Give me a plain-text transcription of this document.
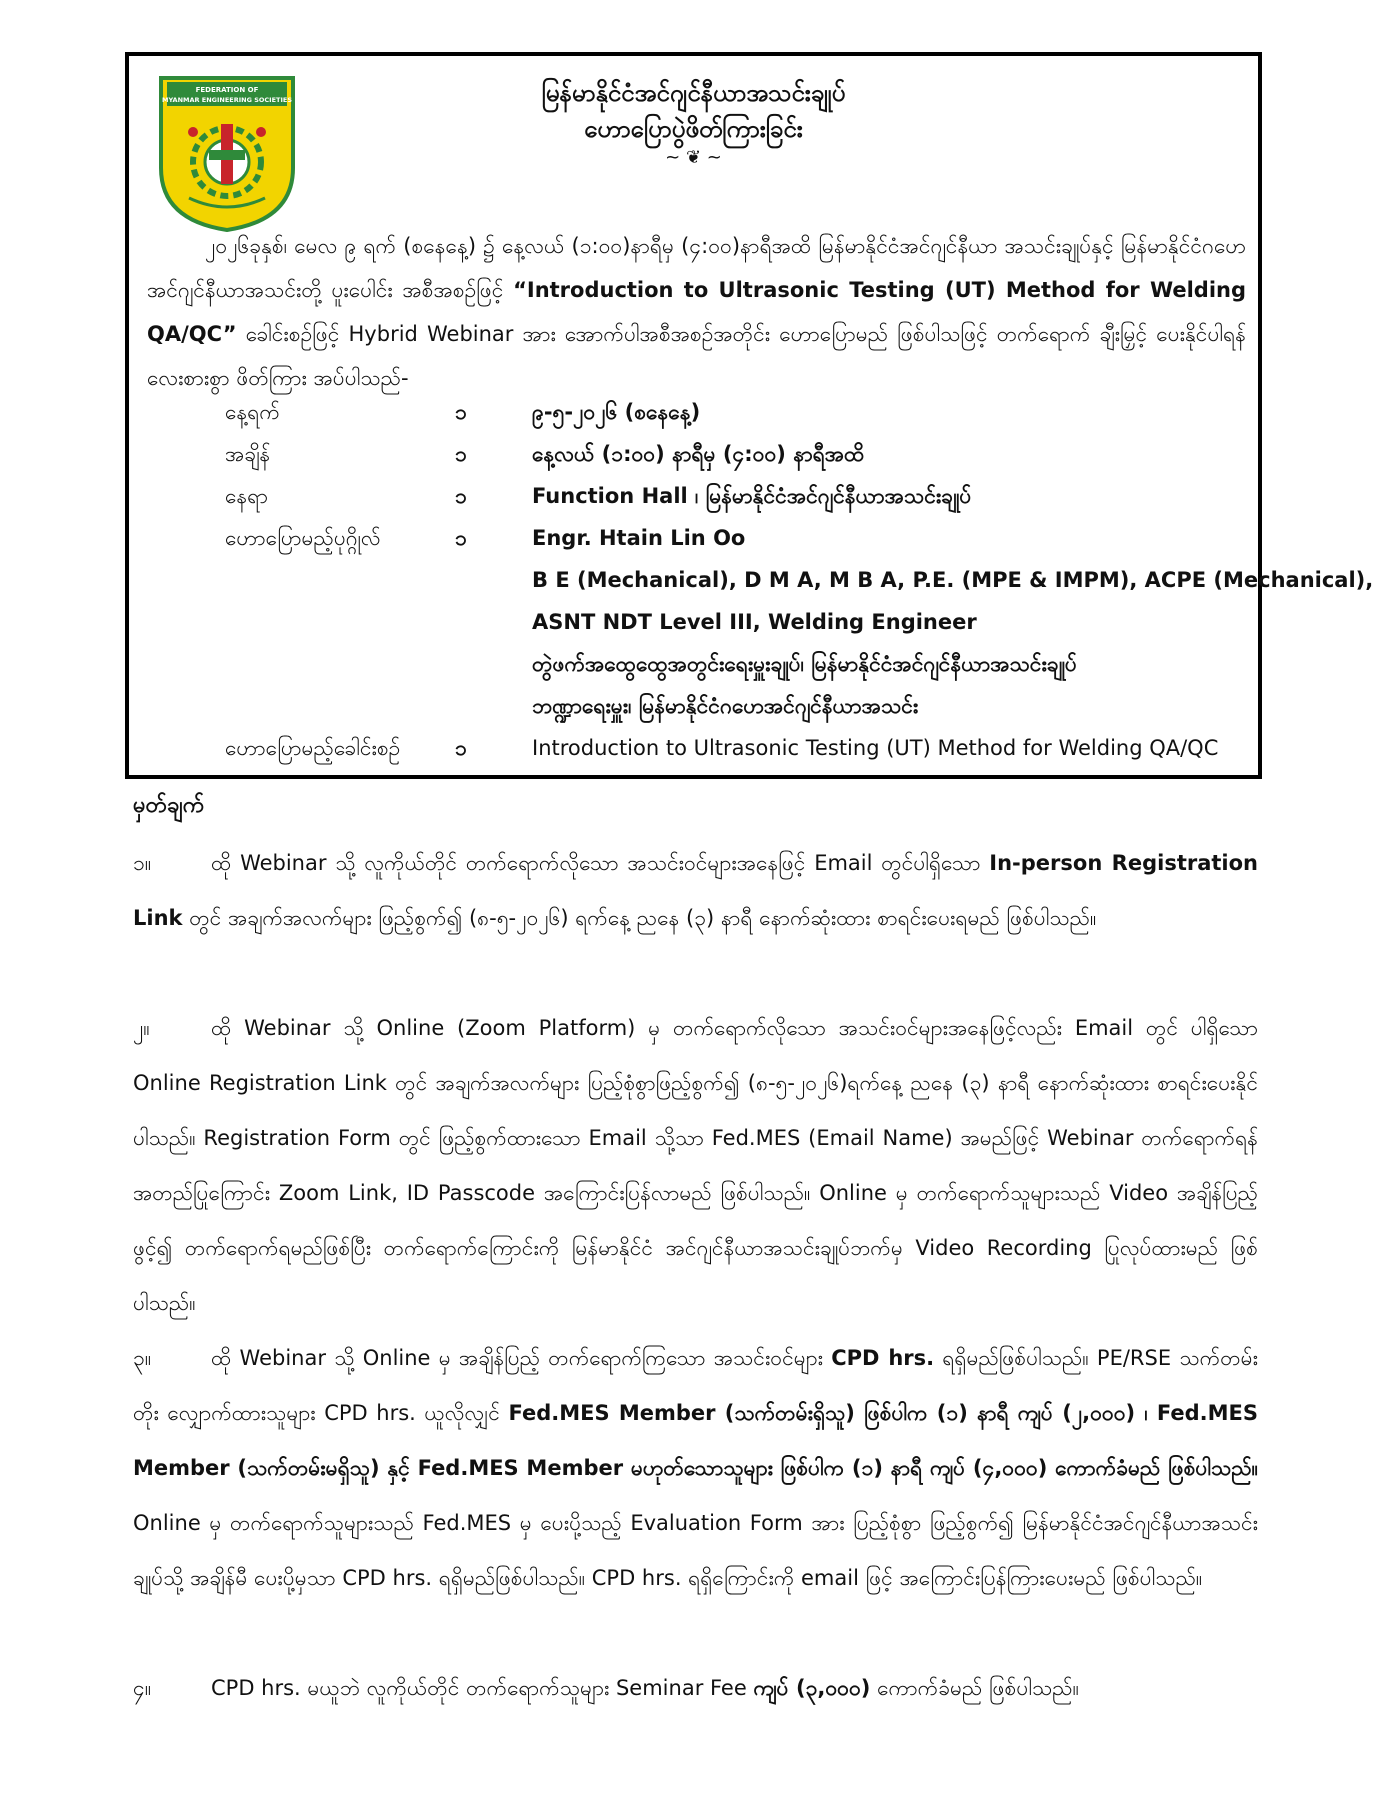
FEDERATION OF
MYANMAR ENGINEERING SOCIETIES	မြန်မာနိုင်ငံအင်ဂျင်နီယာအသင်းချုပ်
ဟောပြောပွဲဖိတ်ကြားခြင်း
~ ❦ ~
၂၀၂၆ခုနှစ်၊ မေလ ၉ ရက် (စနေနေ့) ၌ နေ့လယ် (၁:၀၀)နာရီမှ (၄:၀၀)နာရီအထိ မြန်မာနိုင်ငံအင်ဂျင်နီယာ အသင်းချုပ်နှင့် မြန်မာနိုင်ငံဂဟေအင်ဂျင်နီယာအသင်းတို့ ပူးပေါင်း အစီအစဉ်ဖြင့် “Introduction to Ultrasonic Testing (UT) Method for Welding QA/QC” ခေါင်းစဉ်ဖြင့် Hybrid Webinar အား အောက်ပါအစီအစဉ်အတိုင်း ဟောပြောမည် ဖြစ်ပါသဖြင့် တက်ရောက် ချီးမြှင့် ပေးနိုင်ပါရန် လေးစားစွာ ဖိတ်ကြား အပ်ပါသည်-
နေ့ရက်	၁	၉-၅-၂၀၂၆ (စနေနေ့)
အချိန်	၁	နေ့လယ် (၁:၀၀) နာရီမှ (၄:၀၀) နာရီအထိ
နေရာ	၁	Function Hall ၊ မြန်မာနိုင်ငံအင်ဂျင်နီယာအသင်းချုပ်
ဟောပြောမည့်ပုဂ္ဂိုလ်	၁	Engr. Htain Lin Oo
B E (Mechanical), D M A, M B A, P.E. (MPE & IMPM), ACPE (Mechanical),
ASNT NDT Level III, Welding Engineer
တွဲဖက်အထွေထွေအတွင်းရေးမှူးချုပ်၊ မြန်မာနိုင်ငံအင်ဂျင်နီယာအသင်းချုပ်
ဘဏ္ဍာရေးမှူး၊ မြန်မာနိုင်ငံဂဟေအင်ဂျင်နီယာအသင်း
ဟောပြောမည့်ခေါင်းစဉ်	၁	Introduction to Ultrasonic Testing (UT) Method for Welding QA/QC
မှတ်ချက်
၁။	ထို Webinar သို့ လူကိုယ်တိုင် တက်ရောက်လိုသော အသင်းဝင်များအနေဖြင့် Email တွင်ပါရှိသော In-person Registration Link တွင် အချက်အလက်များ ဖြည့်စွက်၍ (၈-၅-၂၀၂၆) ရက်နေ့ ညနေ (၃) နာရီ နောက်ဆုံးထား စာရင်းပေးရမည် ဖြစ်ပါသည်။
၂။	ထို Webinar သို့ Online (Zoom Platform) မှ တက်ရောက်လိုသော အသင်းဝင်များအနေဖြင့်လည်း Email တွင် ပါရှိသော Online Registration Link တွင် အချက်အလက်များ ပြည့်စုံစွာဖြည့်စွက်၍ (၈-၅-၂၀၂၆)ရက်နေ့ ညနေ (၃) နာရီ နောက်ဆုံးထား စာရင်းပေးနိုင်ပါသည်။ Registration Form တွင် ဖြည့်စွက်ထားသော Email သို့သာ Fed.MES (Email Name) အမည်ဖြင့် Webinar တက်ရောက်ရန် အတည်ပြုကြောင်း Zoom Link, ID Passcode အကြောင်းပြန်လာမည် ဖြစ်ပါသည်။ Online မှ တက်ရောက်သူများသည် Video အချိန်ပြည့်ဖွင့်၍ တက်ရောက်ရမည်ဖြစ်ပြီး တက်ရောက်ကြောင်းကို မြန်မာနိုင်ငံ အင်ဂျင်နီယာအသင်းချုပ်ဘက်မှ Video Recording ပြုလုပ်ထားမည် ဖြစ်ပါသည်။
၃။	ထို Webinar သို့ Online မှ အချိန်ပြည့် တက်ရောက်ကြသော အသင်းဝင်များ CPD hrs. ရရှိမည်ဖြစ်ပါသည်။ PE/RSE သက်တမ်းတိုး လျှောက်ထားသူများ CPD hrs. ယူလိုလျှင် Fed.MES Member (သက်တမ်းရှိသူ) ဖြစ်ပါက (၁) နာရီ ကျပ် (၂,၀၀၀) ၊ Fed.MES Member (သက်တမ်းမရှိသူ) နှင့် Fed.MES Member မဟုတ်သောသူများ ဖြစ်ပါက (၁) နာရီ ကျပ် (၄,၀၀၀) ကောက်ခံမည် ဖြစ်ပါသည်။ Online မှ တက်ရောက်သူများသည် Fed.MES မှ ပေးပို့သည့် Evaluation Form အား ပြည့်စုံစွာ ဖြည့်စွက်၍ မြန်မာနိုင်ငံအင်ဂျင်နီယာအသင်းချုပ်သို့ အချိန်မီ ပေးပို့မှသာ CPD hrs. ရရှိမည်ဖြစ်ပါသည်။ CPD hrs. ရရှိကြောင်းကို email ဖြင့် အကြောင်းပြန်ကြားပေးမည် ဖြစ်ပါသည်။
၄။	CPD hrs. မယူဘဲ လူကိုယ်တိုင် တက်ရောက်သူများ Seminar Fee ကျပ် (၃,၀၀၀) ကောက်ခံမည် ဖြစ်ပါသည်။
